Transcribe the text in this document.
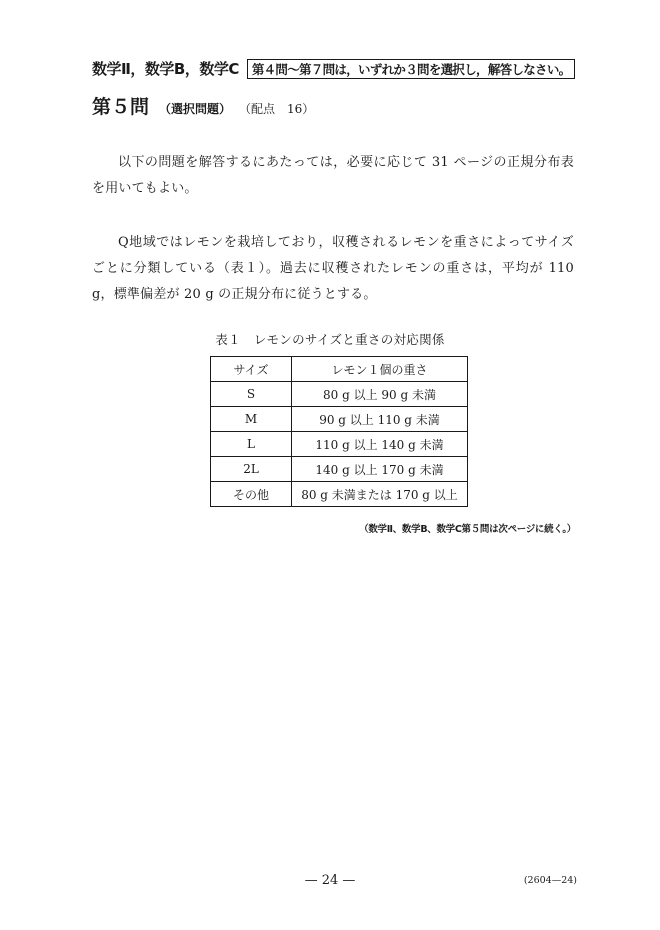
数学Ⅱ，数学B，数学C	第４問～第７問は，いずれか３問を選択し，解答しなさい。
第５問 （選択問題） （配点　16）

以下の問題を解答するにあたっては，必要に応じて 31 ページの正規分布表を用いてもよい。

Q地域ではレモンを栽培しており，収穫されるレモンを重さによってサイズごとに分類している（表１）。過去に収穫されたレモンの重さは，平均が 110 g，標準偏差が 20 g の正規分布に従うとする。

表１　レモンのサイズと重さの対応関係
サイズ	レモン１個の重さ
S	80 g 以上 90 g 未満
M	90 g 以上 110 g 未満
L	110 g 以上 140 g 未満
2L	140 g 以上 170 g 未満
その他	80 g 未満または 170 g 以上
（数学Ⅱ、数学B、数学C第５問は次ページに続く。）
— 24 —	(2604—24)
